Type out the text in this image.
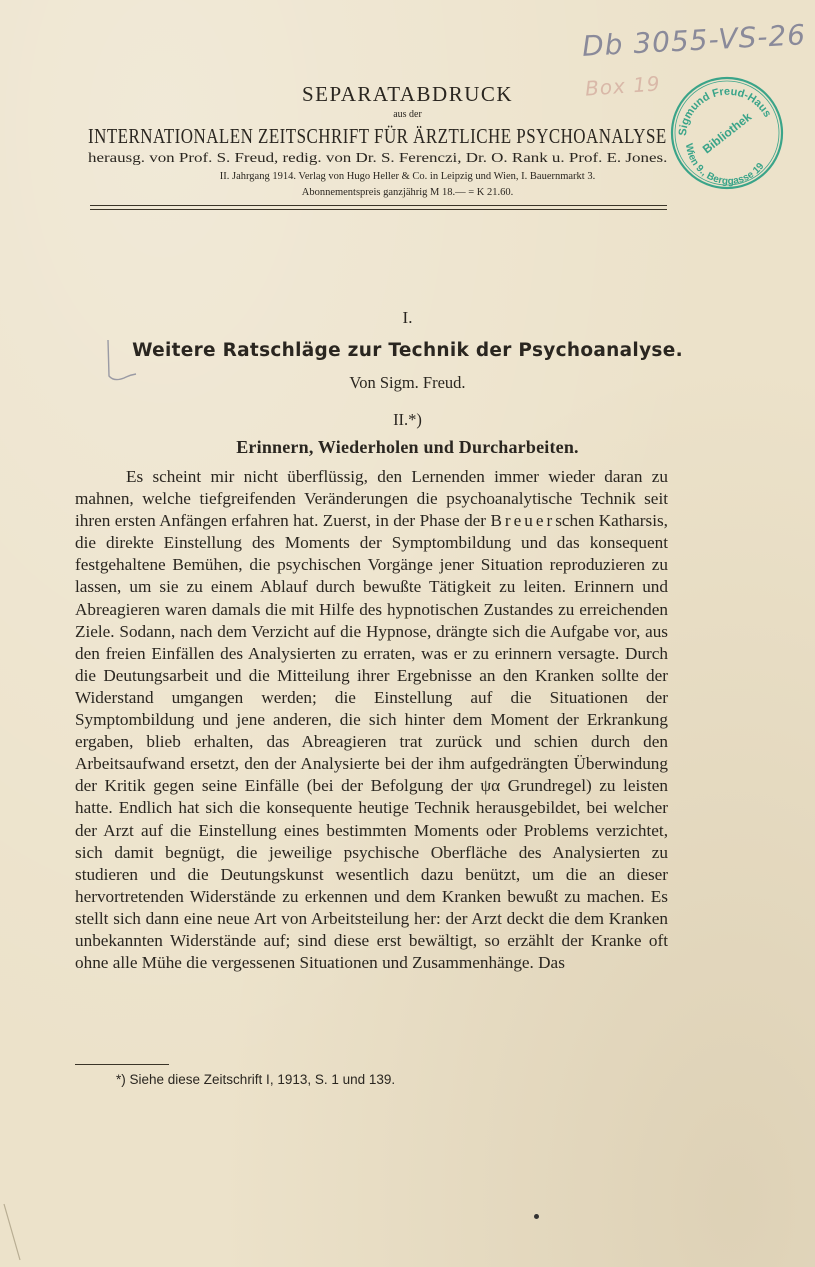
Db 3055-VS-26
Box 19
Sigmund Freud-Haus
Bibliothek
Wien 9., Berggasse 19
SEPARATABDRUCK
aus der
INTERNATIONALEN ZEITSCHRIFT FÜR ÄRZTLICHE PSYCHOANALYSE
herausg. von Prof. S. Freud, redig. von Dr. S. Ferenczi, Dr. O. Rank u. Prof. E. Jones.
II. Jahrgang 1914. Verlag von Hugo Heller & Co. in Leipzig und Wien, I. Bauernmarkt 3.
Abonnementspreis ganzjährig M 18.— = K 21.60.
I.
Weitere Ratschläge zur Technik der Psychoanalyse.
Von Sigm. Freud.
II.*)
Erinnern, Wiederholen und Durcharbeiten.

Es scheint mir nicht überflüssig, den Lernenden immer wieder daran zu mahnen, welche tiefgreifenden Veränderungen die psychoanalytische Technik seit ihren ersten Anfängen erfahren hat. Zuerst, in der Phase der Breuerschen Katharsis, die direkte Einstellung des Moments der Symptombildung und das konsequent festgehaltene Bemühen, die psychischen Vorgänge jener Situation reproduzieren zu lassen, um sie zu einem Ablauf durch bewußte Tätigkeit zu leiten. Erinnern und Abreagieren waren damals die mit Hilfe des hypnotischen Zustandes zu erreichenden Ziele. Sodann, nach dem Verzicht auf die Hypnose, drängte sich die Aufgabe vor, aus den freien Einfällen des Analysierten zu erraten, was er zu erinnern versagte. Durch die Deutungsarbeit und die Mitteilung ihrer Ergebnisse an den Kranken sollte der Widerstand umgangen werden; die Einstellung auf die Situationen der Symptombildung und jene anderen, die sich hinter dem Moment der Erkrankung ergaben, blieb erhalten, das Abreagieren trat zurück und schien durch den Arbeitsaufwand ersetzt, den der Analysierte bei der ihm aufgedrängten Überwindung der Kritik gegen seine Einfälle (bei der Befolgung der ψα Grundregel) zu leisten hatte. Endlich hat sich die konsequente heutige Technik herausgebildet, bei welcher der Arzt auf die Einstellung eines bestimmten Moments oder Problems verzichtet, sich damit begnügt, die jeweilige psychische Oberfläche des Analysierten zu studieren und die Deutungskunst wesentlich dazu benützt, um die an dieser hervortretenden Widerstände zu erkennen und dem Kranken bewußt zu machen. Es stellt sich dann eine neue Art von Arbeitsteilung her: der Arzt deckt die dem Kranken unbekannten Widerstände auf; sind diese erst bewältigt, so erzählt der Kranke oft ohne alle Mühe die vergessenen Situationen und Zusammenhänge. Das

*) Siehe diese Zeitschrift I, 1913, S. 1 und 139.
